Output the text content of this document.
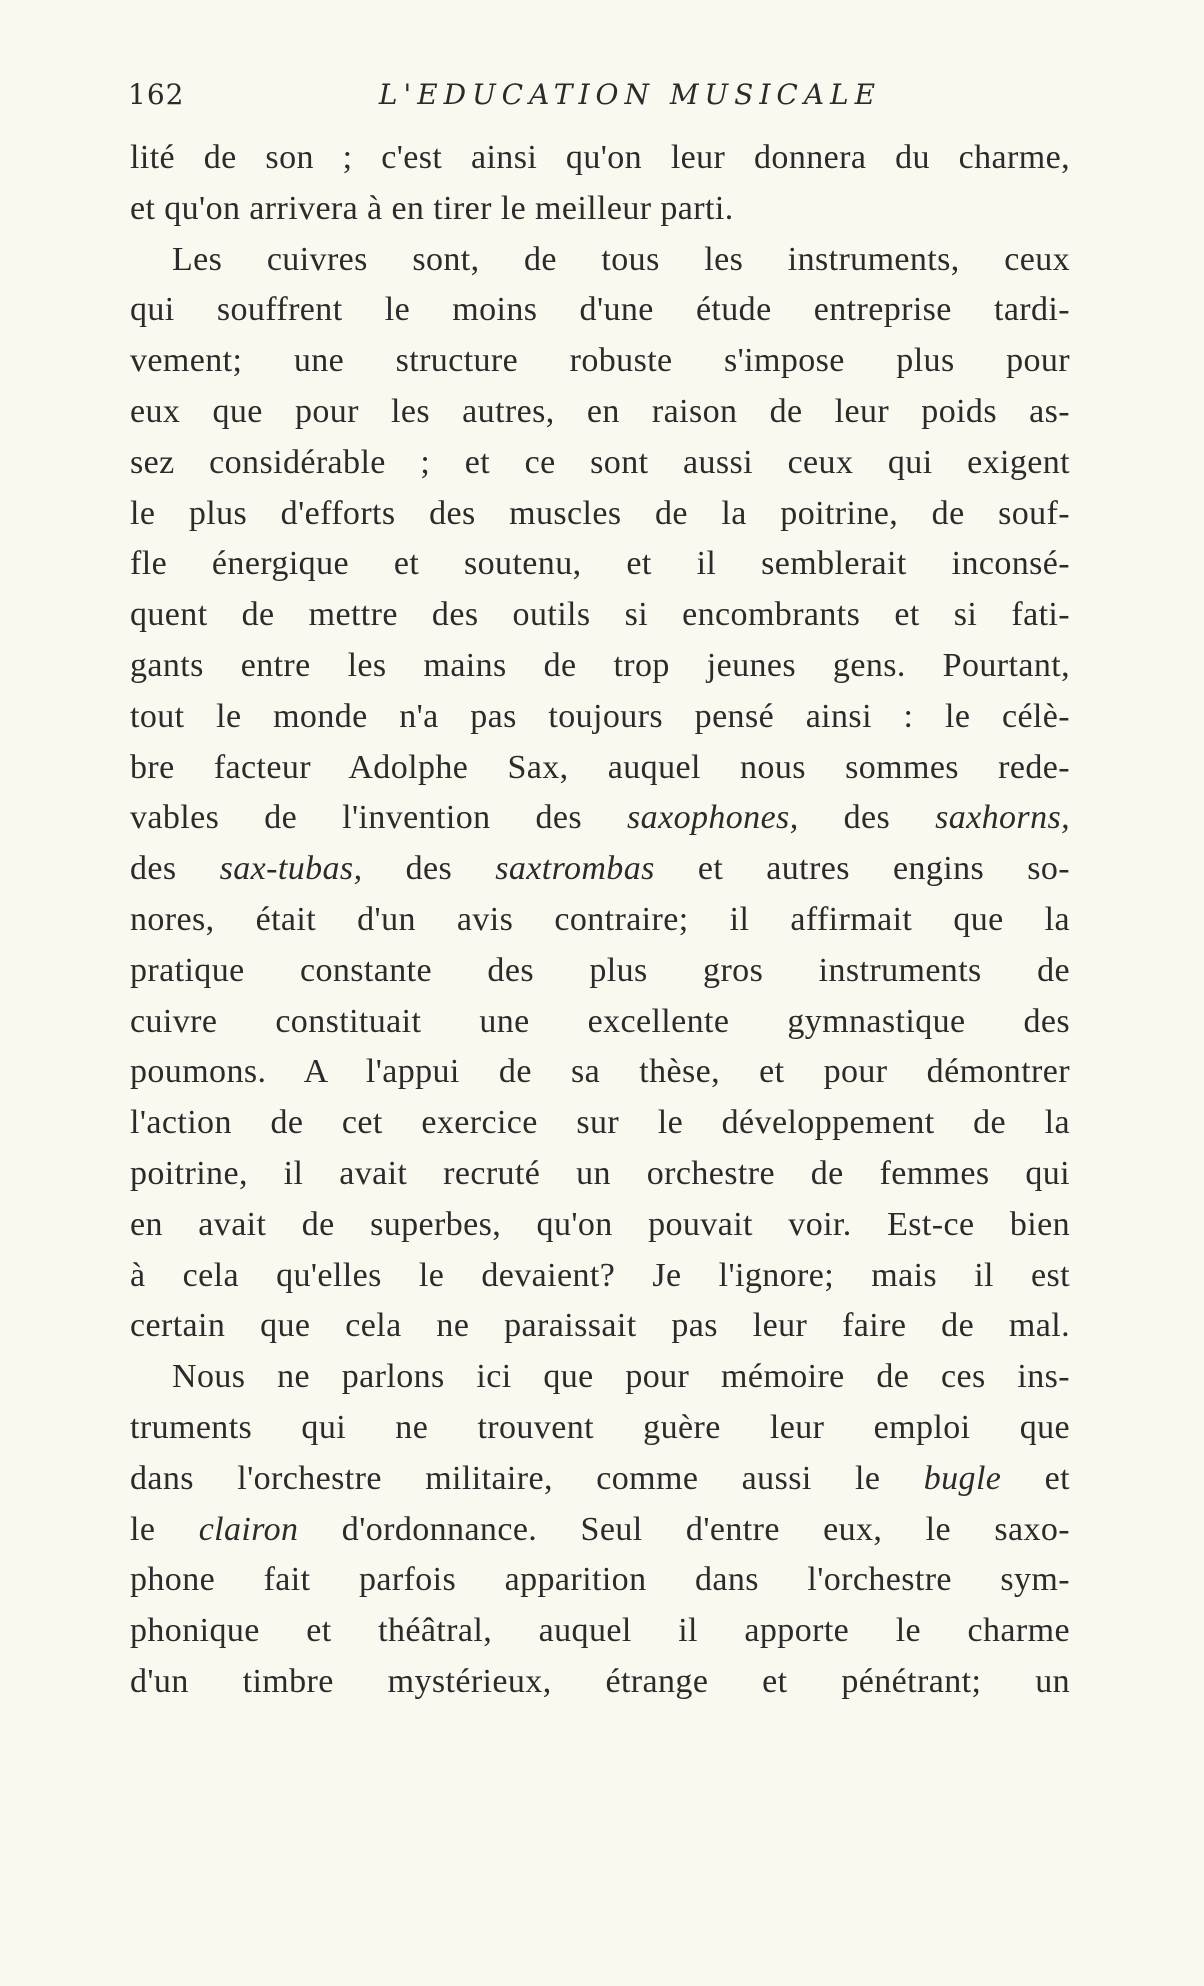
162	L'EDUCATION MUSICALE
lité de son ; c'est ainsi qu'on leur donnera du charme,
et qu'on arrivera à en tirer le meilleur parti.
Les cuivres sont, de tous les instruments, ceux
qui souffrent le moins d'une étude entreprise tardi-
vement; une structure robuste s'impose plus pour
eux que pour les autres, en raison de leur poids as-
sez considérable ; et ce sont aussi ceux qui exigent
le plus d'efforts des muscles de la poitrine, de souf-
fle énergique et soutenu, et il semblerait inconsé-
quent de mettre des outils si encombrants et si fati-
gants entre les mains de trop jeunes gens. Pourtant,
tout le monde n'a pas toujours pensé ainsi : le célè-
bre facteur Adolphe Sax, auquel nous sommes rede-
vables de l'invention des saxophones, des saxhorns,
des sax-tubas, des saxtrombas et autres engins so-
nores, était d'un avis contraire; il affirmait que la
pratique constante des plus gros instruments de
cuivre constituait une excellente gymnastique des
poumons. A l'appui de sa thèse, et pour démontrer
l'action de cet exercice sur le développement de la
poitrine, il avait recruté un orchestre de femmes qui
en avait de superbes, qu'on pouvait voir. Est-ce bien
à cela qu'elles le devaient? Je l'ignore; mais il est
certain que cela ne paraissait pas leur faire de mal.
Nous ne parlons ici que pour mémoire de ces ins-
truments qui ne trouvent guère leur emploi que
dans l'orchestre militaire, comme aussi le bugle et
le clairon d'ordonnance. Seul d'entre eux, le saxo-
phone fait parfois apparition dans l'orchestre sym-
phonique et théâtral, auquel il apporte le charme
d'un timbre mystérieux, étrange et pénétrant; un
